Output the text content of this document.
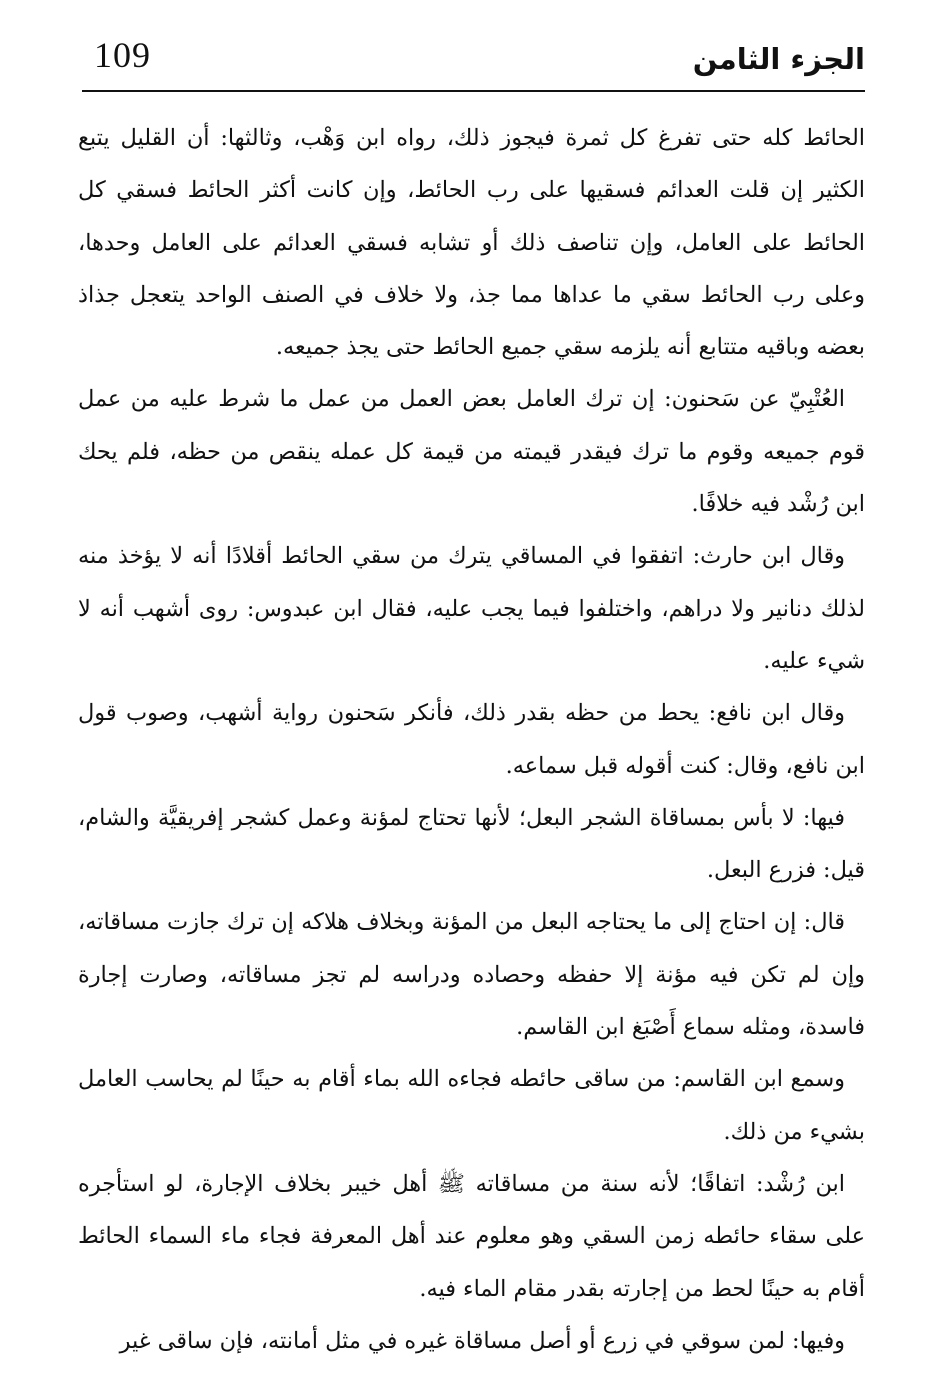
109	الجزء الثامن

الحائط كله حتى تفرغ كل ثمرة فيجوز ذلك، رواه ابن وَهْب، وثالثها: أن القليل يتبع الكثير إن قلت العدائم فسقيها على رب الحائط، وإن كانت أكثر الحائط فسقي كل الحائط على العامل، وإن تناصف ذلك أو تشابه فسقي العدائم على العامل وحدها، وعلى رب الحائط سقي ما عداها مما جذ، ولا خلاف في الصنف الواحد يتعجل جذاذ بعضه وباقيه متتابع أنه يلزمه سقي جميع الحائط حتى يجذ جميعه.

العُتْبِيّ عن سَحنون: إن ترك العامل بعض العمل من عمل ما شرط عليه من عمل قوم جميعه وقوم ما ترك فيقدر قيمته من قيمة كل عمله ينقص من حظه، فلم يحك ابن رُشْد فيه خلافًا.

وقال ابن حارث: اتفقوا في المساقي يترك من سقي الحائط أقلادًا أنه لا يؤخذ منه لذلك دنانير ولا دراهم، واختلفوا فيما يجب عليه، فقال ابن عبدوس: روى أشهب أنه لا شيء عليه.

وقال ابن نافع: يحط من حظه بقدر ذلك، فأنكر سَحنون رواية أشهب، وصوب قول ابن نافع، وقال: كنت أقوله قبل سماعه.

فيها: لا بأس بمساقاة الشجر البعل؛ لأنها تحتاج لمؤنة وعمل كشجر إفريقيَّة والشام، قيل: فزرع البعل.

قال: إن احتاج إلى ما يحتاجه البعل من المؤنة وبخلاف هلاكه إن ترك جازت مساقاته، وإن لم تكن فيه مؤنة إلا حفظه وحصاده ودراسه لم تجز مساقاته، وصارت إجارة فاسدة، ومثله سماع أَصْبَغ ابن القاسم.

وسمع ابن القاسم: من ساقى حائطه فجاءه الله بماء أقام به حينًا لم يحاسب العامل بشيء من ذلك.

ابن رُشْد: اتفاقًا؛ لأنه سنة من مساقاته ﷺ أهل خيبر بخلاف الإجارة، لو استأجره على سقاء حائطه زمن السقي وهو معلوم عند أهل المعرفة فجاء ماء السماء الحائط أقام به حينًا لحط من إجارته بقدر مقام الماء فيه.

وفيها: لمن سوقي في زرع أو أصل مساقاة غيره في مثل أمانته، فإن ساقى غير
